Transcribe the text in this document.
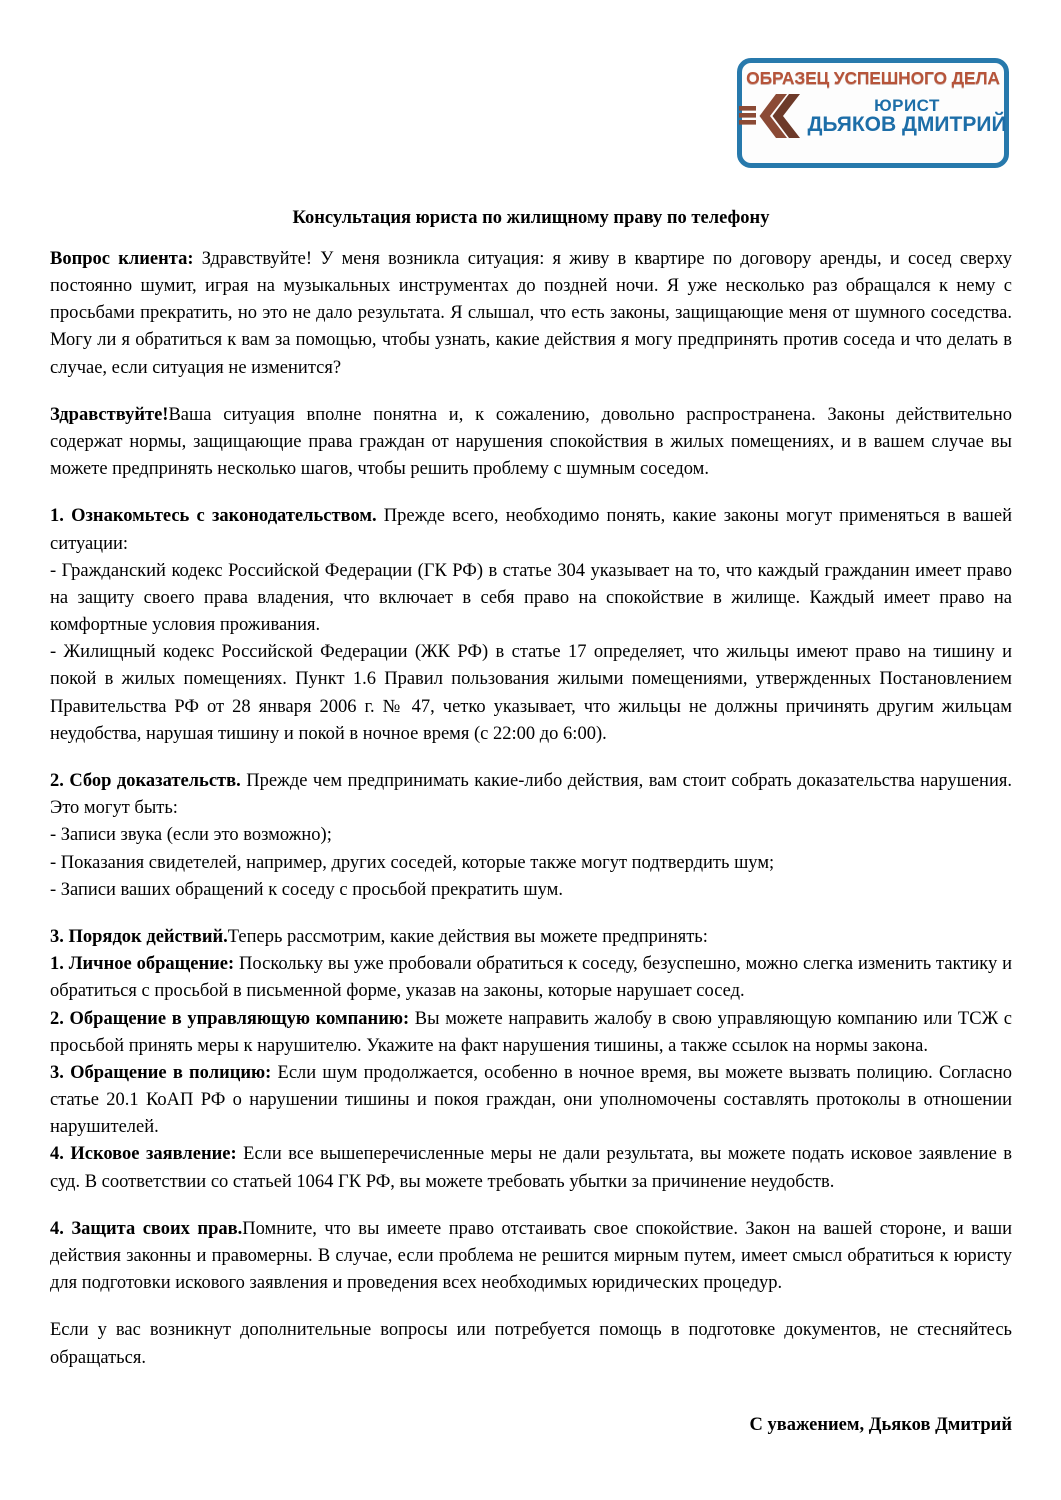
ОБРАЗЕЦ УСПЕШНОГО ДЕЛА
ЮРИСТ
ДЬЯКОВ ДМИТРИЙ
Консультация юриста по жилищному праву по телефону

Вопрос клиента: Здравствуйте! У меня возникла ситуация: я живу в квартире по договору аренды, и сосед сверху постоянно шумит, играя на музыкальных инструментах до поздней ночи. Я уже несколько раз обращался к нему с просьбами прекратить, но это не дало результата. Я слышал, что есть законы, защищающие меня от шумного соседства. Могу ли я обратиться к вам за помощью, чтобы узнать, какие действия я могу предпринять против соседа и что делать в случае, если ситуация не изменится?

Здравствуйте!Ваша ситуация вполне понятна и, к сожалению, довольно распространена. Законы действительно содержат нормы, защищающие права граждан от нарушения спокойствия в жилых помещениях, и в вашем случае вы можете предпринять несколько шагов, чтобы решить проблему с шумным соседом.

1. Ознакомьтесь с законодательством. Прежде всего, необходимо понять, какие законы могут применяться в вашей ситуации:

- Гражданский кодекс Российской Федерации (ГК РФ) в статье 304 указывает на то, что каждый гражданин имеет право на защиту своего права владения, что включает в себя право на спокойствие в жилище. Каждый имеет право на комфортные условия проживания.

- Жилищный кодекс Российской Федерации (ЖК РФ) в статье 17 определяет, что жильцы имеют право на тишину и покой в жилых помещениях. Пункт 1.6 Правил пользования жилыми помещениями, утвержденных Постановлением Правительства РФ от 28 января 2006 г. № 47, четко указывает, что жильцы не должны причинять другим жильцам неудобства, нарушая тишину и покой в ночное время (с 22:00 до 6:00).

2. Сбор доказательств. Прежде чем предпринимать какие-либо действия, вам стоит собрать доказательства нарушения. Это могут быть:

- Записи звука (если это возможно);

- Показания свидетелей, например, других соседей, которые также могут подтвердить шум;

- Записи ваших обращений к соседу с просьбой прекратить шум.

3. Порядок действий.Теперь рассмотрим, какие действия вы можете предпринять:

1. Личное обращение: Поскольку вы уже пробовали обратиться к соседу, безуспешно, можно слегка изменить тактику и обратиться с просьбой в письменной форме, указав на законы, которые нарушает сосед.

2. Обращение в управляющую компанию: Вы можете направить жалобу в свою управляющую компанию или ТСЖ с просьбой принять меры к нарушителю. Укажите на факт нарушения тишины, а также ссылок на нормы закона.

3. Обращение в полицию: Если шум продолжается, особенно в ночное время, вы можете вызвать полицию. Согласно статье 20.1 КоАП РФ о нарушении тишины и покоя граждан, они уполномочены составлять протоколы в отношении нарушителей.

4. Исковое заявление: Если все вышеперечисленные меры не дали результата, вы можете подать исковое заявление в суд. В соответствии со статьей 1064 ГК РФ, вы можете требовать убытки за причинение неудобств.

4. Защита своих прав.Помните, что вы имеете право отстаивать свое спокойствие. Закон на вашей стороне, и ваши действия законны и правомерны. В случае, если проблема не решится мирным путем, имеет смысл обратиться к юристу для подготовки искового заявления и проведения всех необходимых юридических процедур.

Если у вас возникнут дополнительные вопросы или потребуется помощь в подготовке документов, не стесняйтесь обращаться.

С уважением, Дьяков Дмитрий
